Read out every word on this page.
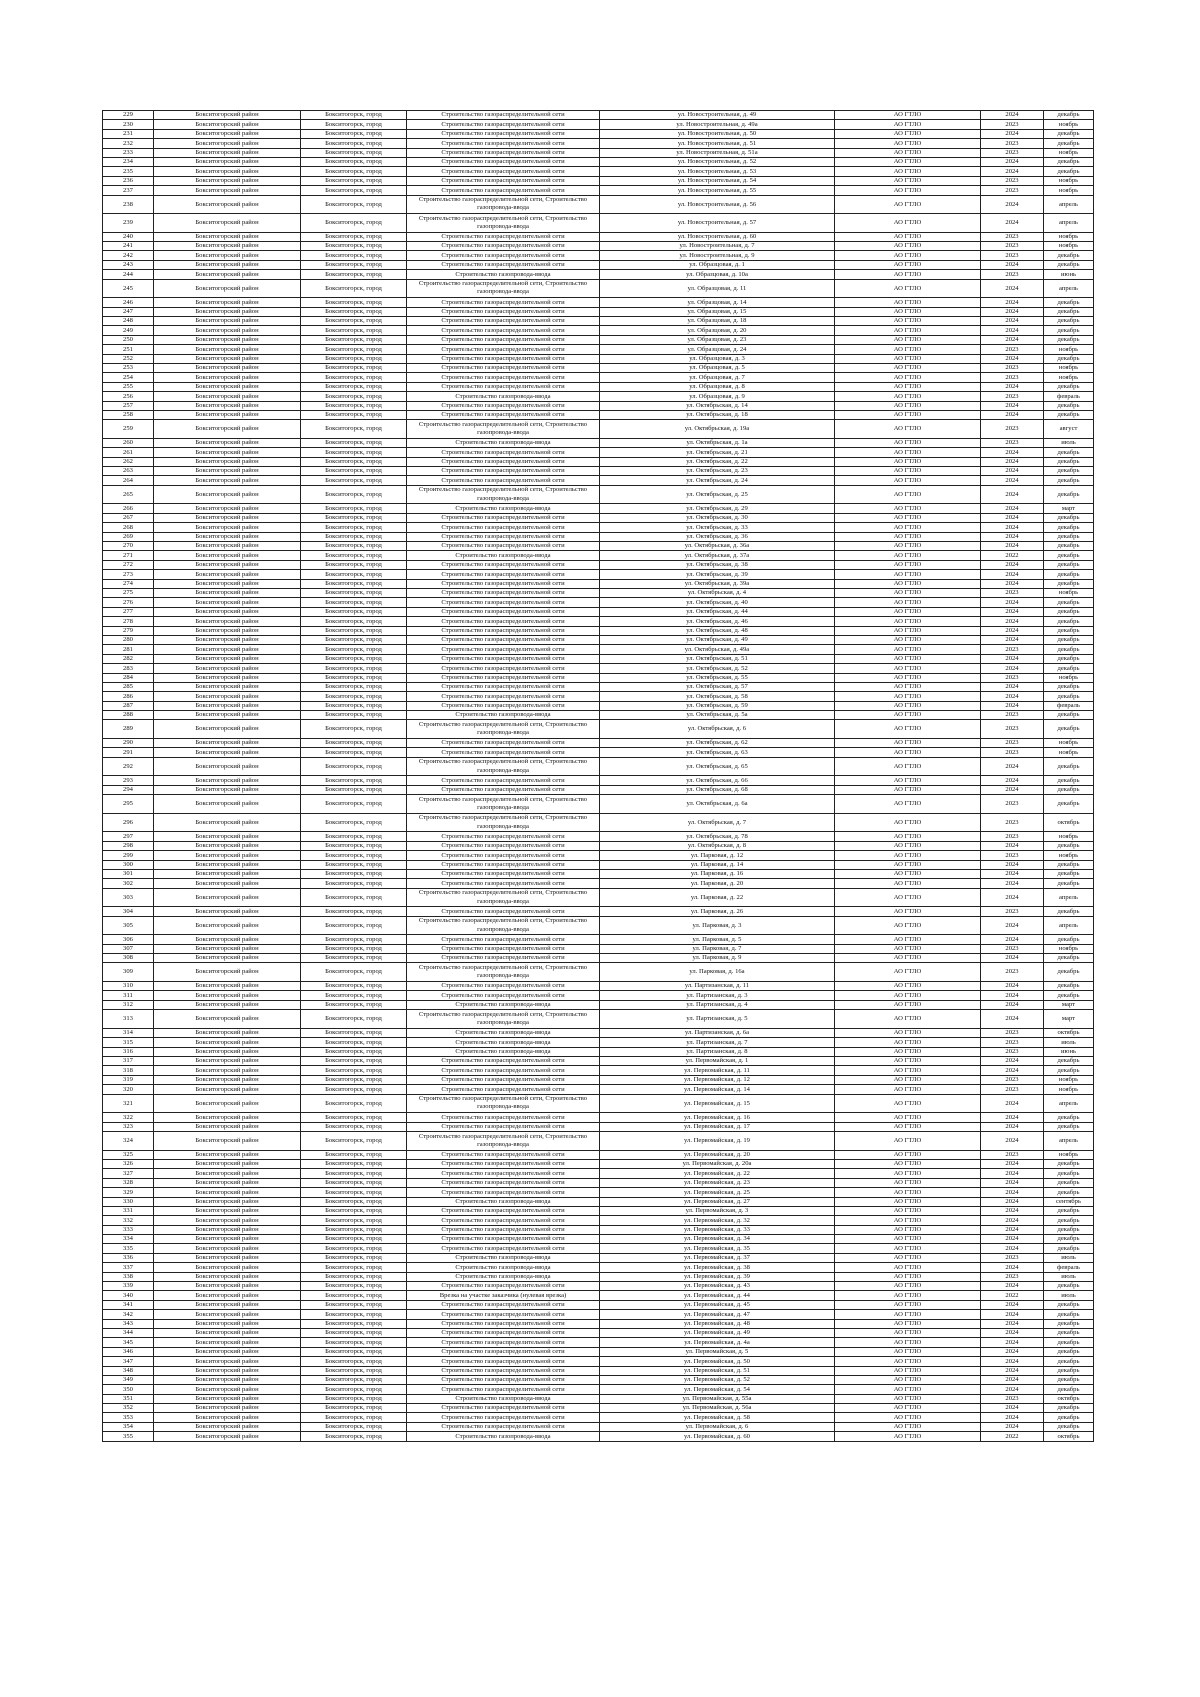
229	Бокситогорский район	Бокситогорск, город	Строительство газораспределительной сети	ул. Новостроительная, д. 49	АО ГТЛО	2024	декабрь
230	Бокситогорский район	Бокситогорск, город	Строительство газораспределительной сети	ул. Новостроительная, д. 49а	АО ГТЛО	2023	ноябрь
231	Бокситогорский район	Бокситогорск, город	Строительство газораспределительной сети	ул. Новостроительная, д. 50	АО ГТЛО	2024	декабрь
232	Бокситогорский район	Бокситогорск, город	Строительство газораспределительной сети	ул. Новостроительная, д. 51	АО ГТЛО	2023	декабрь
233	Бокситогорский район	Бокситогорск, город	Строительство газораспределительной сети	ул. Новостроительная, д. 51а	АО ГТЛО	2023	ноябрь
234	Бокситогорский район	Бокситогорск, город	Строительство газораспределительной сети	ул. Новостроительная, д. 52	АО ГТЛО	2024	декабрь
235	Бокситогорский район	Бокситогорск, город	Строительство газораспределительной сети	ул. Новостроительная, д. 53	АО ГТЛО	2024	декабрь
236	Бокситогорский район	Бокситогорск, город	Строительство газораспределительной сети	ул. Новостроительная, д. 54	АО ГТЛО	2023	ноябрь
237	Бокситогорский район	Бокситогорск, город	Строительство газораспределительной сети	ул. Новостроительная, д. 55	АО ГТЛО	2023	ноябрь
238	Бокситогорский район	Бокситогорск, город	Строительство газораспределительной сети, Строительство газопровода-ввода	ул. Новостроительная, д. 56	АО ГТЛО	2024	апрель
239	Бокситогорский район	Бокситогорск, город	Строительство газораспределительной сети, Строительство газопровода-ввода	ул. Новостроительная, д. 57	АО ГТЛО	2024	апрель
240	Бокситогорский район	Бокситогорск, город	Строительство газораспределительной сети	ул. Новостроительная, д. 60	АО ГТЛО	2023	ноябрь
241	Бокситогорский район	Бокситогорск, город	Строительство газораспределительной сети	ул. Новостроительная, д. 7	АО ГТЛО	2023	ноябрь
242	Бокситогорский район	Бокситогорск, город	Строительство газораспределительной сети	ул. Новостроительная, д. 9	АО ГТЛО	2023	декабрь
243	Бокситогорский район	Бокситогорск, город	Строительство газораспределительной сети	ул. Образцовая, д. 1	АО ГТЛО	2024	декабрь
244	Бокситогорский район	Бокситогорск, город	Строительство газопровода-ввода	ул. Образцовая, д. 10а	АО ГТЛО	2023	июнь
245	Бокситогорский район	Бокситогорск, город	Строительство газораспределительной сети, Строительство газопровода-ввода	ул. Образцовая, д. 11	АО ГТЛО	2024	апрель
246	Бокситогорский район	Бокситогорск, город	Строительство газораспределительной сети	ул. Образцовая, д. 14	АО ГТЛО	2024	декабрь
247	Бокситогорский район	Бокситогорск, город	Строительство газораспределительной сети	ул. Образцовая, д. 15	АО ГТЛО	2024	декабрь
248	Бокситогорский район	Бокситогорск, город	Строительство газораспределительной сети	ул. Образцовая, д. 18	АО ГТЛО	2024	декабрь
249	Бокситогорский район	Бокситогорск, город	Строительство газораспределительной сети	ул. Образцовая, д. 20	АО ГТЛО	2024	декабрь
250	Бокситогорский район	Бокситогорск, город	Строительство газораспределительной сети	ул. Образцовая, д. 23	АО ГТЛО	2024	декабрь
251	Бокситогорский район	Бокситогорск, город	Строительство газораспределительной сети	ул. Образцовая, д. 24	АО ГТЛО	2023	ноябрь
252	Бокситогорский район	Бокситогорск, город	Строительство газораспределительной сети	ул. Образцовая, д. 3	АО ГТЛО	2024	декабрь
253	Бокситогорский район	Бокситогорск, город	Строительство газораспределительной сети	ул. Образцовая, д. 5	АО ГТЛО	2023	ноябрь
254	Бокситогорский район	Бокситогорск, город	Строительство газораспределительной сети	ул. Образцовая, д. 7	АО ГТЛО	2023	ноябрь
255	Бокситогорский район	Бокситогорск, город	Строительство газораспределительной сети	ул. Образцовая, д. 8	АО ГТЛО	2024	декабрь
256	Бокситогорский район	Бокситогорск, город	Строительство газопровода-ввода	ул. Образцовая, д. 9	АО ГТЛО	2023	февраль
257	Бокситогорский район	Бокситогорск, город	Строительство газораспределительной сети	ул. Октябрьская, д. 14	АО ГТЛО	2024	декабрь
258	Бокситогорский район	Бокситогорск, город	Строительство газораспределительной сети	ул. Октябрьская, д. 18	АО ГТЛО	2024	декабрь
259	Бокситогорский район	Бокситогорск, город	Строительство газораспределительной сети, Строительство газопровода-ввода	ул. Октябрьская, д. 19а	АО ГТЛО	2023	август
260	Бокситогорский район	Бокситогорск, город	Строительство газопровода-ввода	ул. Октябрьская, д. 1а	АО ГТЛО	2023	июль
261	Бокситогорский район	Бокситогорск, город	Строительство газораспределительной сети	ул. Октябрьская, д. 21	АО ГТЛО	2024	декабрь
262	Бокситогорский район	Бокситогорск, город	Строительство газораспределительной сети	ул. Октябрьская, д. 22	АО ГТЛО	2024	декабрь
263	Бокситогорский район	Бокситогорск, город	Строительство газораспределительной сети	ул. Октябрьская, д. 23	АО ГТЛО	2024	декабрь
264	Бокситогорский район	Бокситогорск, город	Строительство газораспределительной сети	ул. Октябрьская, д. 24	АО ГТЛО	2024	декабрь
265	Бокситогорский район	Бокситогорск, город	Строительство газораспределительной сети, Строительство газопровода-ввода	ул. Октябрьская, д. 25	АО ГТЛО	2024	декабрь
266	Бокситогорский район	Бокситогорск, город	Строительство газопровода-ввода	ул. Октябрьская, д. 29	АО ГТЛО	2024	март
267	Бокситогорский район	Бокситогорск, город	Строительство газораспределительной сети	ул. Октябрьская, д. 30	АО ГТЛО	2024	декабрь
268	Бокситогорский район	Бокситогорск, город	Строительство газораспределительной сети	ул. Октябрьская, д. 33	АО ГТЛО	2024	декабрь
269	Бокситогорский район	Бокситогорск, город	Строительство газораспределительной сети	ул. Октябрьская, д. 36	АО ГТЛО	2024	декабрь
270	Бокситогорский район	Бокситогорск, город	Строительство газораспределительной сети	ул. Октябрьская, д. 36а	АО ГТЛО	2024	декабрь
271	Бокситогорский район	Бокситогорск, город	Строительство газопровода-ввода	ул. Октябрьская, д. 37а	АО ГТЛО	2022	декабрь
272	Бокситогорский район	Бокситогорск, город	Строительство газораспределительной сети	ул. Октябрьская, д. 38	АО ГТЛО	2024	декабрь
273	Бокситогорский район	Бокситогорск, город	Строительство газораспределительной сети	ул. Октябрьская, д. 39	АО ГТЛО	2024	декабрь
274	Бокситогорский район	Бокситогорск, город	Строительство газораспределительной сети	ул. Октябрьская, д. 39а	АО ГТЛО	2024	декабрь
275	Бокситогорский район	Бокситогорск, город	Строительство газораспределительной сети	ул. Октябрьская, д. 4	АО ГТЛО	2023	ноябрь
276	Бокситогорский район	Бокситогорск, город	Строительство газораспределительной сети	ул. Октябрьская, д. 40	АО ГТЛО	2024	декабрь
277	Бокситогорский район	Бокситогорск, город	Строительство газораспределительной сети	ул. Октябрьская, д. 44	АО ГТЛО	2024	декабрь
278	Бокситогорский район	Бокситогорск, город	Строительство газораспределительной сети	ул. Октябрьская, д. 46	АО ГТЛО	2024	декабрь
279	Бокситогорский район	Бокситогорск, город	Строительство газораспределительной сети	ул. Октябрьская, д. 48	АО ГТЛО	2024	декабрь
280	Бокситогорский район	Бокситогорск, город	Строительство газораспределительной сети	ул. Октябрьская, д. 49	АО ГТЛО	2024	декабрь
281	Бокситогорский район	Бокситогорск, город	Строительство газораспределительной сети	ул. Октябрьская, д. 49а	АО ГТЛО	2023	декабрь
282	Бокситогорский район	Бокситогорск, город	Строительство газораспределительной сети	ул. Октябрьская, д. 51	АО ГТЛО	2024	декабрь
283	Бокситогорский район	Бокситогорск, город	Строительство газораспределительной сети	ул. Октябрьская, д. 52	АО ГТЛО	2024	декабрь
284	Бокситогорский район	Бокситогорск, город	Строительство газораспределительной сети	ул. Октябрьская, д. 55	АО ГТЛО	2023	ноябрь
285	Бокситогорский район	Бокситогорск, город	Строительство газораспределительной сети	ул. Октябрьская, д. 57	АО ГТЛО	2024	декабрь
286	Бокситогорский район	Бокситогорск, город	Строительство газораспределительной сети	ул. Октябрьская, д. 58	АО ГТЛО	2024	декабрь
287	Бокситогорский район	Бокситогорск, город	Строительство газораспределительной сети	ул. Октябрьская, д. 59	АО ГТЛО	2024	февраль
288	Бокситогорский район	Бокситогорск, город	Строительство газопровода-ввода	ул. Октябрьская, д. 5а	АО ГТЛО	2023	декабрь
289	Бокситогорский район	Бокситогорск, город	Строительство газораспределительной сети, Строительство газопровода-ввода	ул. Октябрьская, д. 6	АО ГТЛО	2023	декабрь
290	Бокситогорский район	Бокситогорск, город	Строительство газораспределительной сети	ул. Октябрьская, д. 62	АО ГТЛО	2023	ноябрь
291	Бокситогорский район	Бокситогорск, город	Строительство газораспределительной сети	ул. Октябрьская, д. 63	АО ГТЛО	2023	ноябрь
292	Бокситогорский район	Бокситогорск, город	Строительство газораспределительной сети, Строительство газопровода-ввода	ул. Октябрьская, д. 65	АО ГТЛО	2024	декабрь
293	Бокситогорский район	Бокситогорск, город	Строительство газораспределительной сети	ул. Октябрьская, д. 66	АО ГТЛО	2024	декабрь
294	Бокситогорский район	Бокситогорск, город	Строительство газораспределительной сети	ул. Октябрьская, д. 68	АО ГТЛО	2024	декабрь
295	Бокситогорский район	Бокситогорск, город	Строительство газораспределительной сети, Строительство газопровода-ввода	ул. Октябрьская, д. 6а	АО ГТЛО	2023	декабрь
296	Бокситогорский район	Бокситогорск, город	Строительство газораспределительной сети, Строительство газопровода-ввода	ул. Октябрьская, д. 7	АО ГТЛО	2023	октябрь
297	Бокситогорский район	Бокситогорск, город	Строительство газораспределительной сети	ул. Октябрьская, д. 78	АО ГТЛО	2023	ноябрь
298	Бокситогорский район	Бокситогорск, город	Строительство газораспределительной сети	ул. Октябрьская, д. 8	АО ГТЛО	2024	декабрь
299	Бокситогорский район	Бокситогорск, город	Строительство газораспределительной сети	ул. Парковая, д. 12	АО ГТЛО	2023	ноябрь
300	Бокситогорский район	Бокситогорск, город	Строительство газораспределительной сети	ул. Парковая, д. 14	АО ГТЛО	2024	декабрь
301	Бокситогорский район	Бокситогорск, город	Строительство газораспределительной сети	ул. Парковая, д. 16	АО ГТЛО	2024	декабрь
302	Бокситогорский район	Бокситогорск, город	Строительство газораспределительной сети	ул. Парковая, д. 20	АО ГТЛО	2024	декабрь
303	Бокситогорский район	Бокситогорск, город	Строительство газораспределительной сети, Строительство газопровода-ввода	ул. Парковая, д. 22	АО ГТЛО	2024	апрель
304	Бокситогорский район	Бокситогорск, город	Строительство газораспределительной сети	ул. Парковая, д. 26	АО ГТЛО	2023	декабрь
305	Бокситогорский район	Бокситогорск, город	Строительство газораспределительной сети, Строительство газопровода-ввода	ул. Парковая, д. 3	АО ГТЛО	2024	апрель
306	Бокситогорский район	Бокситогорск, город	Строительство газораспределительной сети	ул. Парковая, д. 5	АО ГТЛО	2024	декабрь
307	Бокситогорский район	Бокситогорск, город	Строительство газораспределительной сети	ул. Парковая, д. 7	АО ГТЛО	2023	ноябрь
308	Бокситогорский район	Бокситогорск, город	Строительство газораспределительной сети	ул. Парковая, д. 9	АО ГТЛО	2024	декабрь
309	Бокситогорский район	Бокситогорск, город	Строительство газораспределительной сети, Строительство газопровода-ввода	ул. Парковая, д. 16а	АО ГТЛО	2023	декабрь
310	Бокситогорский район	Бокситогорск, город	Строительство газораспределительной сети	ул. Партизанская, д. 11	АО ГТЛО	2024	декабрь
311	Бокситогорский район	Бокситогорск, город	Строительство газораспределительной сети	ул. Партизанская, д. 3	АО ГТЛО	2024	декабрь
312	Бокситогорский район	Бокситогорск, город	Строительство газопровода-ввода	ул. Партизанская, д. 4	АО ГТЛО	2024	март
313	Бокситогорский район	Бокситогорск, город	Строительство газораспределительной сети, Строительство газопровода-ввода	ул. Партизанская, д. 5	АО ГТЛО	2024	март
314	Бокситогорский район	Бокситогорск, город	Строительство газопровода-ввода	ул. Партизанская, д. 6а	АО ГТЛО	2023	октябрь
315	Бокситогорский район	Бокситогорск, город	Строительство газопровода-ввода	ул. Партизанская, д. 7	АО ГТЛО	2023	июль
316	Бокситогорский район	Бокситогорск, город	Строительство газопровода-ввода	ул. Партизанская, д. 8	АО ГТЛО	2023	июнь
317	Бокситогорский район	Бокситогорск, город	Строительство газораспределительной сети	ул. Первомайская, д. 1	АО ГТЛО	2024	декабрь
318	Бокситогорский район	Бокситогорск, город	Строительство газораспределительной сети	ул. Первомайская, д. 11	АО ГТЛО	2024	декабрь
319	Бокситогорский район	Бокситогорск, город	Строительство газораспределительной сети	ул. Первомайская, д. 12	АО ГТЛО	2023	ноябрь
320	Бокситогорский район	Бокситогорск, город	Строительство газораспределительной сети	ул. Первомайская, д. 14	АО ГТЛО	2023	ноябрь
321	Бокситогорский район	Бокситогорск, город	Строительство газораспределительной сети, Строительство газопровода-ввода	ул. Первомайская, д. 15	АО ГТЛО	2024	апрель
322	Бокситогорский район	Бокситогорск, город	Строительство газораспределительной сети	ул. Первомайская, д. 16	АО ГТЛО	2024	декабрь
323	Бокситогорский район	Бокситогорск, город	Строительство газораспределительной сети	ул. Первомайская, д. 17	АО ГТЛО	2024	декабрь
324	Бокситогорский район	Бокситогорск, город	Строительство газораспределительной сети, Строительство газопровода-ввода	ул. Первомайская, д. 19	АО ГТЛО	2024	апрель
325	Бокситогорский район	Бокситогорск, город	Строительство газораспределительной сети	ул. Первомайская, д. 20	АО ГТЛО	2023	ноябрь
326	Бокситогорский район	Бокситогорск, город	Строительство газораспределительной сети	ул. Первомайская, д. 20а	АО ГТЛО	2024	декабрь
327	Бокситогорский район	Бокситогорск, город	Строительство газораспределительной сети	ул. Первомайская, д. 22	АО ГТЛО	2024	декабрь
328	Бокситогорский район	Бокситогорск, город	Строительство газораспределительной сети	ул. Первомайская, д. 23	АО ГТЛО	2024	декабрь
329	Бокситогорский район	Бокситогорск, город	Строительство газораспределительной сети	ул. Первомайская, д. 25	АО ГТЛО	2024	декабрь
330	Бокситогорский район	Бокситогорск, город	Строительство газопровода-ввода	ул. Первомайская, д. 27	АО ГТЛО	2024	сентябрь
331	Бокситогорский район	Бокситогорск, город	Строительство газораспределительной сети	ул. Первомайская, д. 3	АО ГТЛО	2024	декабрь
332	Бокситогорский район	Бокситогорск, город	Строительство газораспределительной сети	ул. Первомайская, д. 32	АО ГТЛО	2024	декабрь
333	Бокситогорский район	Бокситогорск, город	Строительство газораспределительной сети	ул. Первомайская, д. 33	АО ГТЛО	2024	декабрь
334	Бокситогорский район	Бокситогорск, город	Строительство газораспределительной сети	ул. Первомайская, д. 34	АО ГТЛО	2024	декабрь
335	Бокситогорский район	Бокситогорск, город	Строительство газораспределительной сети	ул. Первомайская, д. 35	АО ГТЛО	2024	декабрь
336	Бокситогорский район	Бокситогорск, город	Строительство газопровода-ввода	ул. Первомайская, д. 37	АО ГТЛО	2023	июль
337	Бокситогорский район	Бокситогорск, город	Строительство газопровода-ввода	ул. Первомайская, д. 38	АО ГТЛО	2024	февраль
338	Бокситогорский район	Бокситогорск, город	Строительство газопровода-ввода	ул. Первомайская, д. 39	АО ГТЛО	2023	июль
339	Бокситогорский район	Бокситогорск, город	Строительство газораспределительной сети	ул. Первомайская, д. 43	АО ГТЛО	2024	декабрь
340	Бокситогорский район	Бокситогорск, город	Врезка на участке заказчика (нулевая врезка)	ул. Первомайская, д. 44	АО ГТЛО	2022	июль
341	Бокситогорский район	Бокситогорск, город	Строительство газораспределительной сети	ул. Первомайская, д. 45	АО ГТЛО	2024	декабрь
342	Бокситогорский район	Бокситогорск, город	Строительство газораспределительной сети	ул. Первомайская, д. 47	АО ГТЛО	2024	декабрь
343	Бокситогорский район	Бокситогорск, город	Строительство газораспределительной сети	ул. Первомайская, д. 48	АО ГТЛО	2024	декабрь
344	Бокситогорский район	Бокситогорск, город	Строительство газораспределительной сети	ул. Первомайская, д. 49	АО ГТЛО	2024	декабрь
345	Бокситогорский район	Бокситогорск, город	Строительство газораспределительной сети	ул. Первомайская, д. 4а	АО ГТЛО	2024	декабрь
346	Бокситогорский район	Бокситогорск, город	Строительство газораспределительной сети	ул. Первомайская, д. 5	АО ГТЛО	2024	декабрь
347	Бокситогорский район	Бокситогорск, город	Строительство газораспределительной сети	ул. Первомайская, д. 50	АО ГТЛО	2024	декабрь
348	Бокситогорский район	Бокситогорск, город	Строительство газораспределительной сети	ул. Первомайская, д. 51	АО ГТЛО	2024	декабрь
349	Бокситогорский район	Бокситогорск, город	Строительство газораспределительной сети	ул. Первомайская, д. 52	АО ГТЛО	2024	декабрь
350	Бокситогорский район	Бокситогорск, город	Строительство газораспределительной сети	ул. Первомайская, д. 54	АО ГТЛО	2024	декабрь
351	Бокситогорский район	Бокситогорск, город	Строительство газопровода-ввода	ул. Первомайская, д. 55а	АО ГТЛО	2023	октябрь
352	Бокситогорский район	Бокситогорск, город	Строительство газораспределительной сети	ул. Первомайская, д. 56а	АО ГТЛО	2024	декабрь
353	Бокситогорский район	Бокситогорск, город	Строительство газораспределительной сети	ул. Первомайская, д. 58	АО ГТЛО	2024	декабрь
354	Бокситогорский район	Бокситогорск, город	Строительство газораспределительной сети	ул. Первомайская, д. 6	АО ГТЛО	2024	декабрь
355	Бокситогорский район	Бокситогорск, город	Строительство газопровода-ввода	ул. Первомайская, д. 60	АО ГТЛО	2022	октябрь
